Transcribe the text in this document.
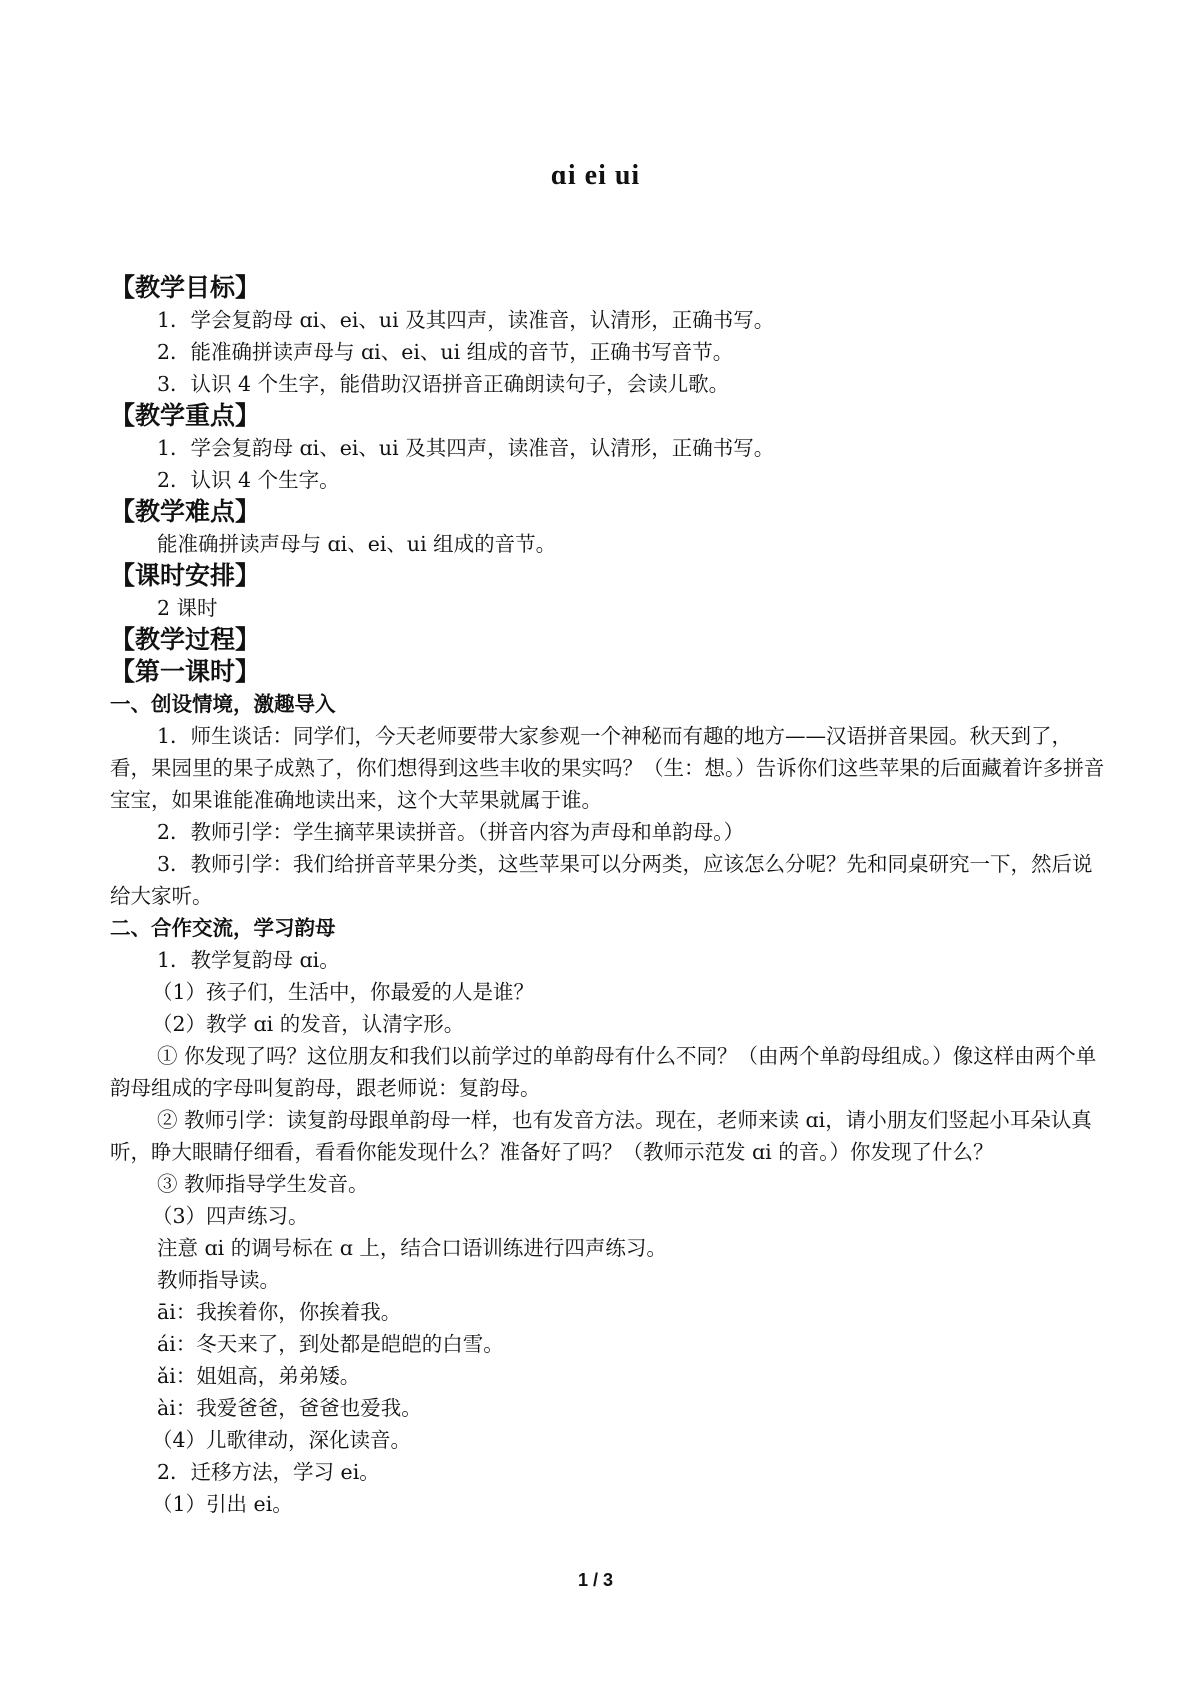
ɑi ei ui
【教学目标】
1．学会复韵母 ɑi、ei、ui 及其四声，读准音，认清形，正确书写。
2．能准确拼读声母与 ɑi、ei、ui 组成的音节，正确书写音节。
3．认识 4 个生字，能借助汉语拼音正确朗读句子，会读儿歌。
【教学重点】
1．学会复韵母 ɑi、ei、ui 及其四声，读准音，认清形，正确书写。
2．认识 4 个生字。
【教学难点】
能准确拼读声母与 ɑi、ei、ui 组成的音节。
【课时安排】
2 课时
【教学过程】
【第一课时】
一、创设情境，激趣导入
1．师生谈话：同学们，今天老师要带大家参观一个神秘而有趣的地方——汉语拼音果园。秋天到了，看，果园里的果子成熟了，你们想得到这些丰收的果实吗？（生：想。）告诉你们这些苹果的后面藏着许多拼音宝宝，如果谁能准确地读出来，这个大苹果就属于谁。
2．教师引学：学生摘苹果读拼音。（拼音内容为声母和单韵母。）
3．教师引学：我们给拼音苹果分类，这些苹果可以分两类，应该怎么分呢？先和同桌研究一下，然后说给大家听。
二、合作交流，学习韵母
1．教学复韵母 ɑi。
（1）孩子们，生活中，你最爱的人是谁？
（2）教学 ɑi 的发音，认清字形。
① 你发现了吗？这位朋友和我们以前学过的单韵母有什么不同？（由两个单韵母组成。）像这样由两个单韵母组成的字母叫复韵母，跟老师说：复韵母。
② 教师引学：读复韵母跟单韵母一样，也有发音方法。现在，老师来读 ɑi，请小朋友们竖起小耳朵认真听，睁大眼睛仔细看，看看你能发现什么？准备好了吗？（教师示范发 ɑi 的音。）你发现了什么？
③ 教师指导学生发音。
（3）四声练习。
注意 ɑi 的调号标在 ɑ 上，结合口语训练进行四声练习。
教师指导读。
āi：我挨着你，你挨着我。
ái：冬天来了，到处都是皑皑的白雪。
ǎi：姐姐高，弟弟矮。
ài：我爱爸爸，爸爸也爱我。
（4）儿歌律动，深化读音。
2．迁移方法，学习 ei。
（1）引出 ei。
1 / 3
